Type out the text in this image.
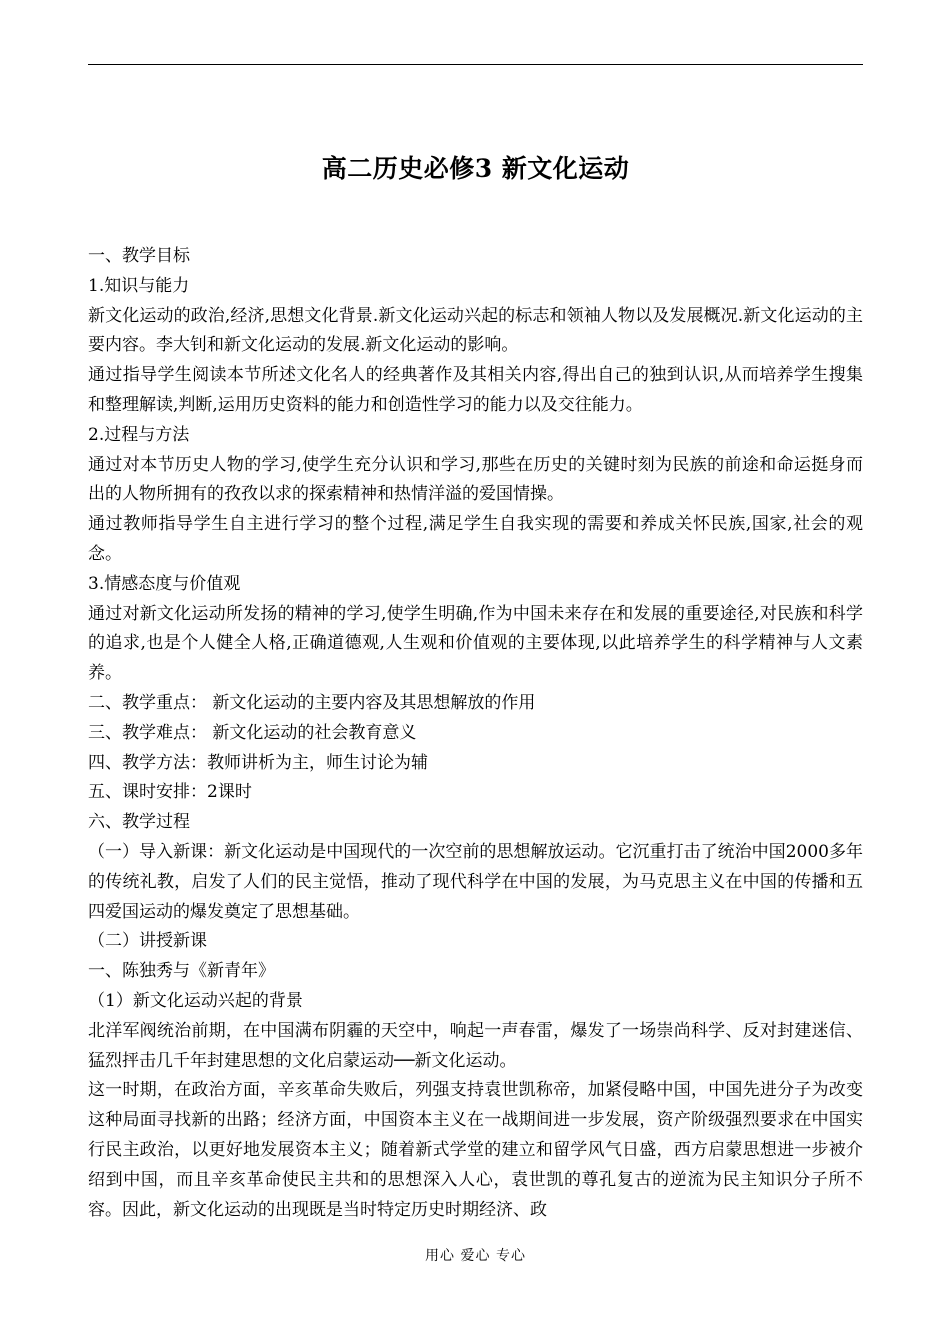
高二历史必修3 新文化运动

一、教学目标

1.知识与能力

新文化运动的政治,经济,思想文化背景.新文化运动兴起的标志和领袖人物以及发展概况.新文化运动的主要内容。李大钊和新文化运动的发展.新文化运动的影响。

通过指导学生阅读本节所述文化名人的经典著作及其相关内容,得出自己的独到认识,从而培养学生搜集和整理解读,判断,运用历史资料的能力和创造性学习的能力以及交往能力。

2.过程与方法

通过对本节历史人物的学习,使学生充分认识和学习,那些在历史的关键时刻为民族的前途和命运挺身而出的人物所拥有的孜孜以求的探索精神和热情洋溢的爱国情操。

通过教师指导学生自主进行学习的整个过程,满足学生自我实现的需要和养成关怀民族,国家,社会的观念。

3.情感态度与价值观

通过对新文化运动所发扬的精神的学习,使学生明确,作为中国未来存在和发展的重要途径,对民族和科学的追求,也是个人健全人格,正确道德观,人生观和价值观的主要体现,以此培养学生的科学精神与人文素养。

二、教学重点： 新文化运动的主要内容及其思想解放的作用

三、教学难点： 新文化运动的社会教育意义

四、教学方法：教师讲析为主，师生讨论为辅

五、课时安排：2课时

六、教学过程

（一）导入新课：新文化运动是中国现代的一次空前的思想解放运动。它沉重打击了统治中国2000多年的传统礼教，启发了人们的民主觉悟，推动了现代科学在中国的发展，为马克思主义在中国的传播和五四爱国运动的爆发奠定了思想基础。

（二）讲授新课

一、陈独秀与《新青年》

（1）新文化运动兴起的背景

北洋军阀统治前期，在中国满布阴霾的天空中，响起一声春雷，爆发了一场崇尚科学、反对封建迷信、猛烈抨击几千年封建思想的文化启蒙运动──新文化运动。

这一时期，在政治方面，辛亥革命失败后，列强支持袁世凯称帝，加紧侵略中国，中国先进分子为改变这种局面寻找新的出路；经济方面，中国资本主义在一战期间进一步发展，资产阶级强烈要求在中国实行民主政治，以更好地发展资本主义；随着新式学堂的建立和留学风气日盛，西方启蒙思想进一步被介绍到中国，而且辛亥革命使民主共和的思想深入人心，袁世凯的尊孔复古的逆流为民主知识分子所不容。因此，新文化运动的出现既是当时特定历史时期经济、政

用心 爱心 专心
